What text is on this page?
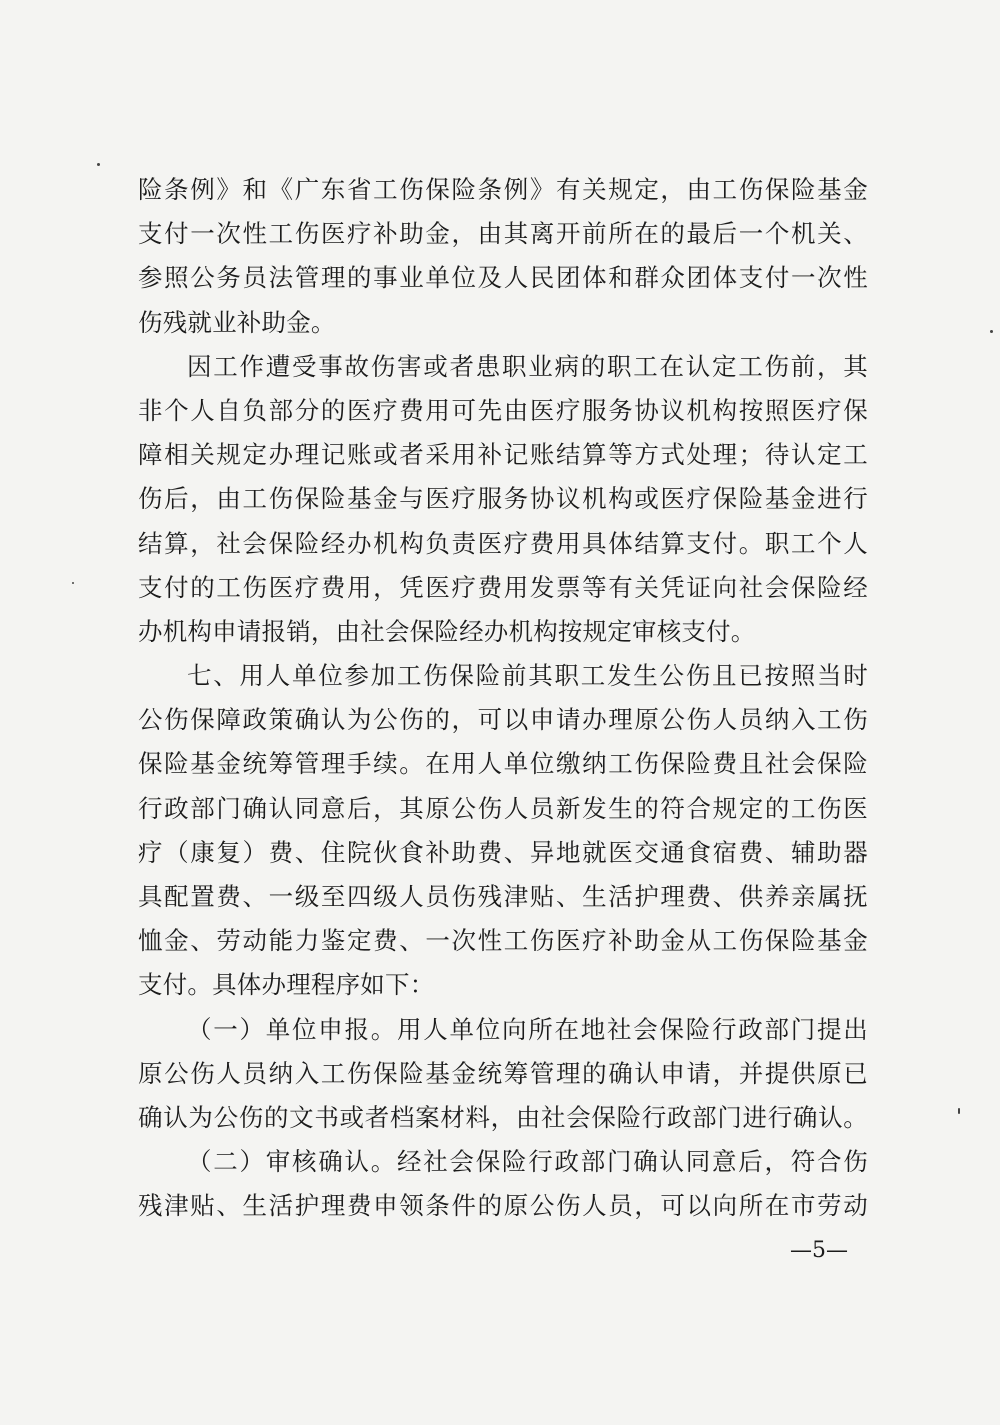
险条例》和《广东省工伤保险条例》有关规定，由工伤保险基金
支付一次性工伤医疗补助金，由其离开前所在的最后一个机关、
参照公务员法管理的事业单位及人民团体和群众团体支付一次性
伤残就业补助金。
因工作遭受事故伤害或者患职业病的职工在认定工伤前，其
非个人自负部分的医疗费用可先由医疗服务协议机构按照医疗保
障相关规定办理记账或者采用补记账结算等方式处理；待认定工
伤后，由工伤保险基金与医疗服务协议机构或医疗保险基金进行
结算，社会保险经办机构负责医疗费用具体结算支付。职工个人
支付的工伤医疗费用，凭医疗费用发票等有关凭证向社会保险经
办机构申请报销，由社会保险经办机构按规定审核支付。
七、用人单位参加工伤保险前其职工发生公伤且已按照当时
公伤保障政策确认为公伤的，可以申请办理原公伤人员纳入工伤
保险基金统筹管理手续。在用人单位缴纳工伤保险费且社会保险
行政部门确认同意后，其原公伤人员新发生的符合规定的工伤医
疗（康复）费、住院伙食补助费、异地就医交通食宿费、辅助器
具配置费、一级至四级人员伤残津贴、生活护理费、供养亲属抚
恤金、劳动能力鉴定费、一次性工伤医疗补助金从工伤保险基金
支付。具体办理程序如下：
（一）单位申报。用人单位向所在地社会保险行政部门提出
原公伤人员纳入工伤保险基金统筹管理的确认申请，并提供原已
确认为公伤的文书或者档案材料，由社会保险行政部门进行确认。
（二）审核确认。经社会保险行政部门确认同意后，符合伤
残津贴、生活护理费申领条件的原公伤人员，可以向所在市劳动
—5—
